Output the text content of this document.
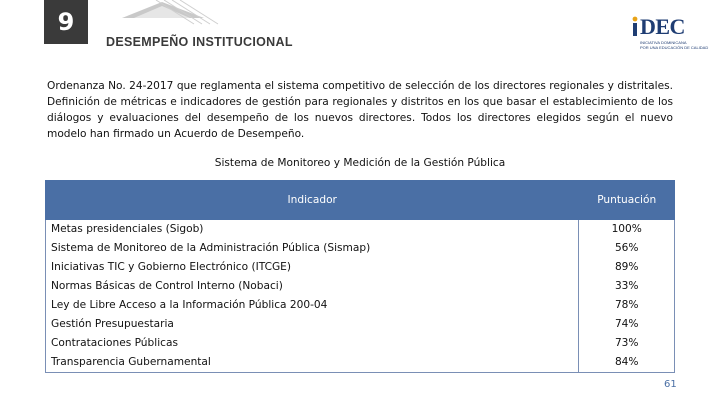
9
DESEMPEÑO INSTITUCIONAL
DEC
INICIATIVA DOMINICANA
POR UNA EDUCACIÓN DE CALIDAD
Ordenanza No. 24-2017 que reglamenta el sistema competitivo de selección de los directores regionales y distritales. Definición de métricas e indicadores de gestión para regionales y distritos en los que basar el establecimiento de los diálogos y evaluaciones del desempeño de los nuevos directores. Todos los directores elegidos según el nuevo modelo han firmado un Acuerdo de Desempeño.
Sistema de Monitoreo y Medición de la Gestión Pública
Indicador	Puntuación
Metas presidenciales (Sigob)	100%
Sistema de Monitoreo de la Administración Pública (Sismap)	56%
Iniciativas TIC y Gobierno Electrónico (ITCGE)	89%
Normas Básicas de Control Interno (Nobaci)	33%
Ley de Libre Acceso a la Información Pública 200-04	78%
Gestión Presupuestaria	74%
Contrataciones Públicas	73%
Transparencia Gubernamental	84%
61
